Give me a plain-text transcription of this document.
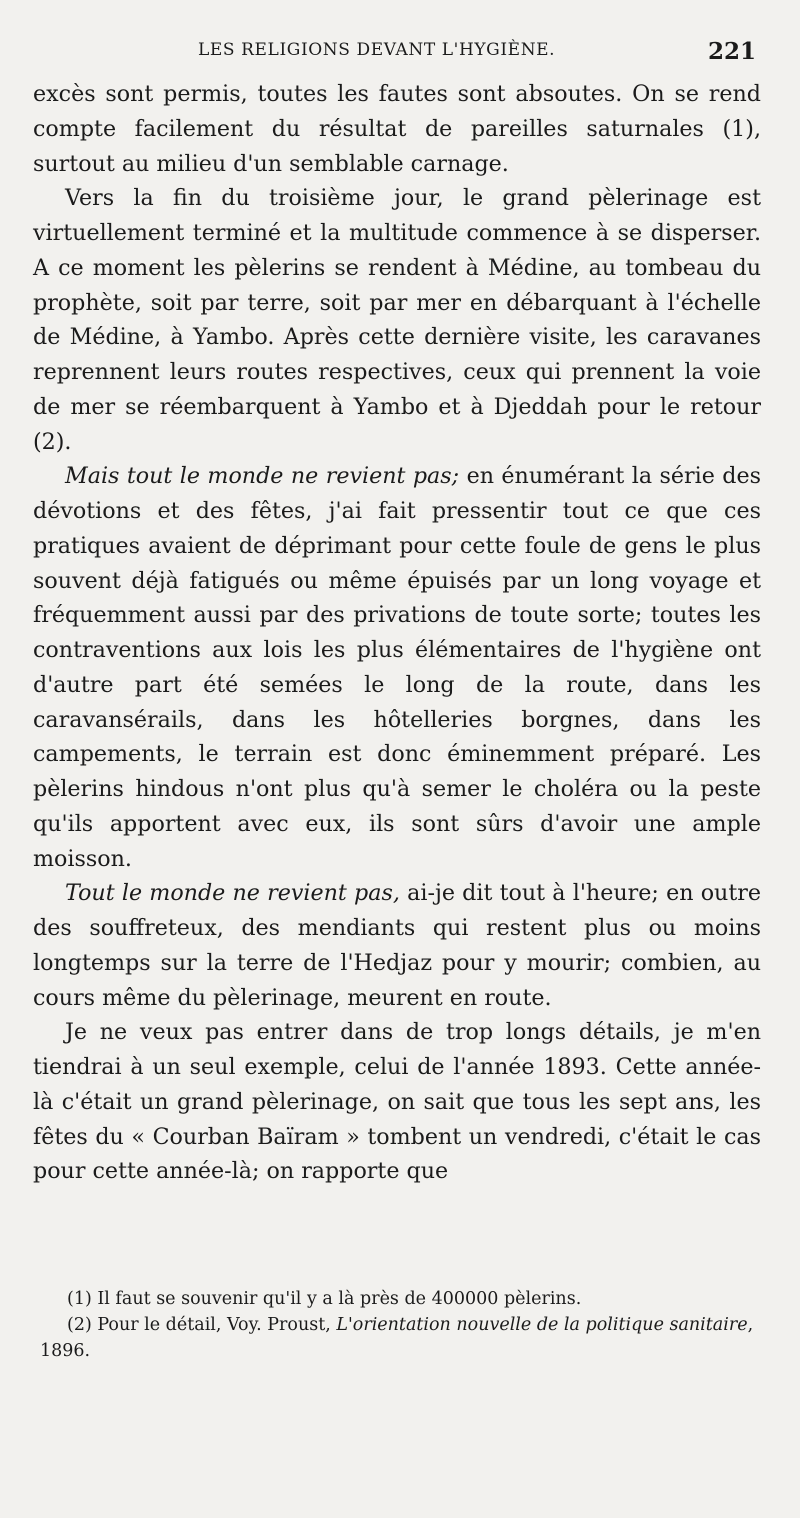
LES RELIGIONS DEVANT L'HYGIÈNE.	221

excès sont permis, toutes les fautes sont absoutes. On se rend compte facilement du résultat de pareilles saturnales (1), surtout au milieu d'un semblable carnage.

Vers la fin du troisième jour, le grand pèlerinage est virtuellement terminé et la multitude commence à se disperser. A ce moment les pèlerins se rendent à Médine, au tombeau du prophète, soit par terre, soit par mer en débarquant à l'échelle de Médine, à Yambo. Après cette dernière visite, les caravanes reprennent leurs routes respectives, ceux qui prennent la voie de mer se réembarquent à Yambo et à Djeddah pour le retour (2).

Mais tout le monde ne revient pas; en énumérant la série des dévotions et des fêtes, j'ai fait pressentir tout ce que ces pratiques avaient de déprimant pour cette foule de gens le plus souvent déjà fatigués ou même épuisés par un long voyage et fréquemment aussi par des privations de toute sorte; toutes les contraventions aux lois les plus élémentaires de l'hygiène ont d'autre part été semées le long de la route, dans les caravansérails, dans les hôtelleries borgnes, dans les campements, le terrain est donc éminemment préparé. Les pèlerins hindous n'ont plus qu'à semer le choléra ou la peste qu'ils apportent avec eux, ils sont sûrs d'avoir une ample moisson.

Tout le monde ne revient pas, ai-je dit tout à l'heure; en outre des souffreteux, des mendiants qui restent plus ou moins longtemps sur la terre de l'Hedjaz pour y mourir; combien, au cours même du pèlerinage, meurent en route.

Je ne veux pas entrer dans de trop longs détails, je m'en tiendrai à un seul exemple, celui de l'année 1893. Cette année-là c'était un grand pèlerinage, on sait que tous les sept ans, les fêtes du « Courban Baïram » tombent un vendredi, c'était le cas pour cette année-là; on rapporte que

(1) Il faut se souvenir qu'il y a là près de 400000 pèlerins.

(2) Pour le détail, Voy. Proust, L'orientation nouvelle de la politique sanitaire, 1896.
